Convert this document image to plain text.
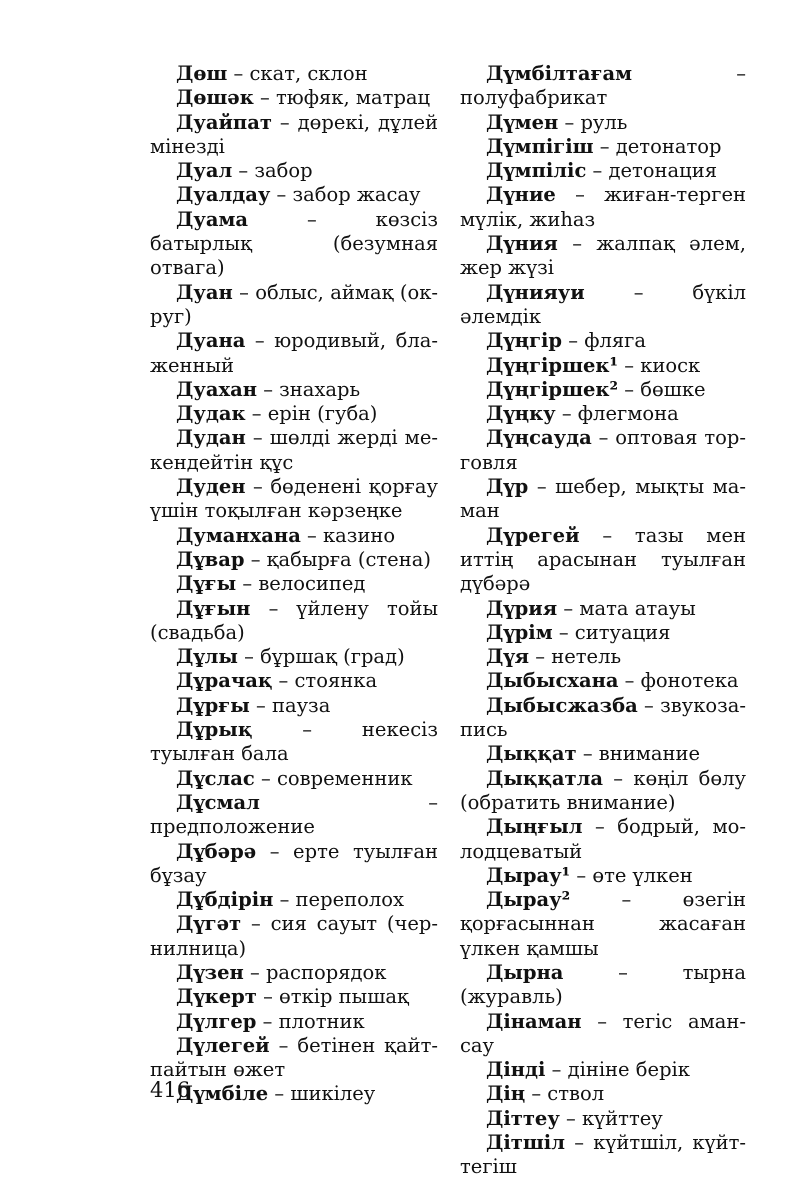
Дөш – скат, склон

Дөшәк – тюфяк, матрац

Дуайпат – дөрекі, дұлей мінезді

Дуал – забор

Дуалдау – забор жасау

Дуама – көзсіз батырлық (безумная отвага)

Дуан – облыс, аймақ (округ)

Дуана – юродивый, блаженный

Дуахан – знахарь

Дудак – ерін (губа)

Дудан – шөлді жерді мекендейтін құс

Дуден – бөдененi қорғау үшін тоқылған кәрзеңке

Думанхана – казино

Дұвар – қабырға (стена)

Дұғы – велосипед

Дұғын – үйлену тойы (свадьба)

Дұлы – бұршақ (град)

Дұрачақ – стоянка

Дұрғы – пауза

Дұрық – некесіз туылған бала

Дұслас – современник

Дұсмал – предположение

Дұбәрә – ерте туылған бұзау

Дұбдірін – переполох

Дүгәт – сия сауыт (чернилница)

Дүзен – распорядок

Дүкерт – өткір пышақ

Дүлгер – плотник

Дүлегей – бетінен қайтпайтын өжет

Дүмбіле – шикілеу

Дүмбілтағам – полуфабрикат

Дүмен – руль

Дүмпігіш – детонатор

Дүмпіліс – детонация

Дүние – жиған-терген мүлік, жиһаз

Дүния – жалпақ әлем, жер жүзі

Дүнияуи – бүкіл әлемдік

Дүңгір – фляга

Дүңгіршек¹ – киоск

Дүңгіршек² – бөшке

Дүңку – флегмона

Дүңсауда – оптовая торговля

Дүр – шебер, мықты маман

Дүрегей – тазы мен иттің арасынан туылған дүбәрә

Дүрия – мата атауы

Дүрім – ситуация

Дүя – нетель

Дыбысхана – фонотека

Дыбысжазба – звукозапись

Дыққат – внимание

Дыққатла – көңіл бөлу (обратить внимание)

Дыңғыл – бодрый, молодцеватый

Дырау¹ – өте үлкен

Дырау² – өзегін қорғасыннан жасаған үлкен қамшы

Дырна – тырна (журавль)

Дінаман – тегіс аман-сау

Дінді – дініне берік

Дің – ствол

Діттеу – күйттеу

Дітшіл – күйтшіл, күйттегіш

416
